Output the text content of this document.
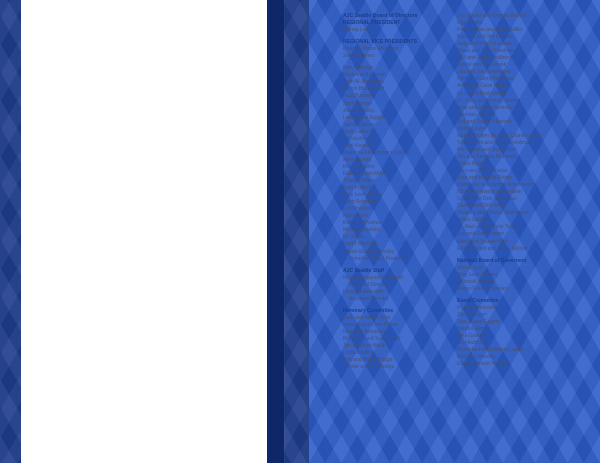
AJC Seattle Board of Directors
REGIONAL PRESIDENT
Murray Lee
REGIONAL VICE PRESIDENTS
Deanna Weiss Etsekson
Sam Jefferies
Ken Alterman
Madeline Bergman
Ruth M. Bernstein
Jaclyn Blumenfeld
Paul Burstein
Zach Cooper
Jim Dublinsky
Lisa Straus Eggers
Sandra Elman
Nina Gatkavi
Bill Hochberg
Gale Kessler
Rosanna Fleischmann Lapan
Ariel Lapson
Ron Leibsohn
Rabbi James Mirel
Jimmy Pollack
Beni Pollock
Amy Levin Ragen
Keith Schorsch
Lori Shelden
Nicki Short
Barbara Shulman
Michael Spektor
Eli Sulkin
David Warnock
Eileen Glasser Wesley,
Immediate Past President
AJC Seattle Staff
Regina Sassoon Friedland
Regional Director
Leslie Rubenstein
Assistant Director
Honorary Committee
Jack and Adina Almo
Howard and Lynn Behar
Rebecca Benaroya
Bill Block and Sue Leavitt
Jan and Ken Block
Linda Bookey
Bob and Bobbi Bridge
Bobbie and Jon Bridge
Drs. David and Virginia Broudy
Olga Carlin
Pam Cowan and Steve Miller
Barbara and Ted Daniels
Judy and Irvin De Jonas
Steve and Julie Friedman
Neil and Carol Goldberg
Jackie and Gail Frank
Lila and Joe Greengard
Kern and Ginny Hardman
Andy and Carol Harris
Dr. H and Ruth Hirsch
Dr. Gary and Wendy Kaplan
Neal and Malia Kartinsky
Solomon Karmel
Ted and Susan Klastorin
Mollie Lauter
Rabbi Sholom Ber and Chanie Levitin
Tom Leavitt and Darcy Goodman
Ken Lewis and Joyce Hert
Jim and Barbara Marowitz
Robin Negrin
Lucy and Herb Pruzan
Stan and Michele Rosen
Rabbi Jay and Janine Rosenbaum
Betty and Randy Rubenstein
Goldie and Don Silverman
Carrie and Dick Stein
Gregory and Debbie Steinhauer
Helen Stusser
Dr. Alan and Michele Tesler
Evy and Dany Vaxen
Hans and Sharon Weh
Rabbi Daniel and Cindy Weiner
National Board of Governors
Murray Lee
Amy Levin Ragen
Deborah Rosen
Eileen Glasser Wesley
Event Committee
Ruth M. Bernstein
Zach Cooper
Lisa Straus Eggers
Sandra Elman
Nina Gatkavi
Bill Hochberg
Rosanna Fleischmann Lapan
Ronald Leibsohn
Eileen Glasser Wesley
